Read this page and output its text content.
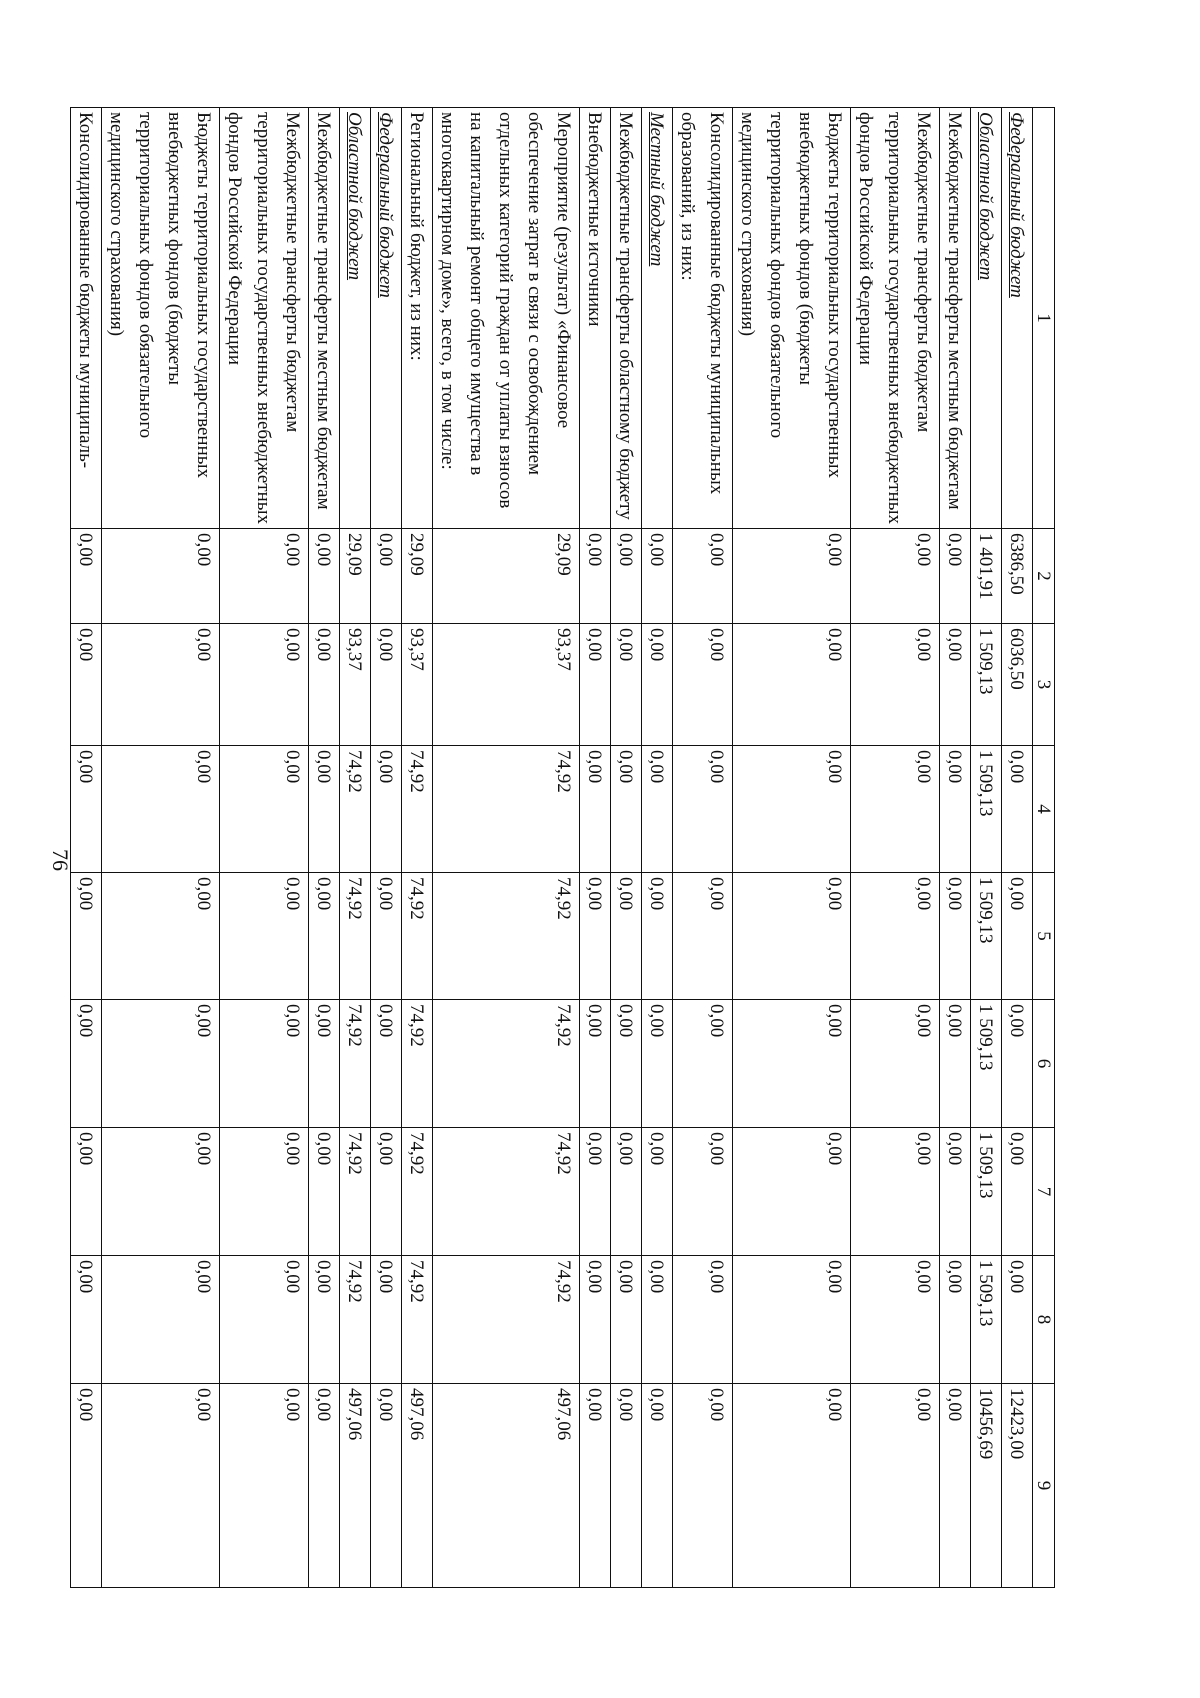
76
1	2	3	4	5	6	7	8	9
Федеральный бюджет	6386,50	6036,50	0,00	0,00	0,00	0,00	0,00	12423,00
Областной бюджет	1 401,91	1 509,13	1 509,13	1 509,13	1 509,13	1 509,13	1 509,13	10456,69
Межбюджетные трансферты местным бюджетам	0,00	0,00	0,00	0,00	0,00	0,00	0,00	0,00
Межбюджетные трансферты бюджетам территориальных государственных внебюджетных фондов Российской Федерации	0,00	0,00	0,00	0,00	0,00	0,00	0,00	0,00
Бюджеты территориальных государственных внебюджетных фондов (бюджеты территориальных фондов обязательного медицинского страхования)	0,00	0,00	0,00	0,00	0,00	0,00	0,00	0,00
Консолидированные бюджеты муниципальных образований, из них:	0,00	0,00	0,00	0,00	0,00	0,00	0,00	0,00
Местный бюджет	0,00	0,00	0,00	0,00	0,00	0,00	0,00	0,00
Межбюджетные трансферты областному бюджету	0,00	0,00	0,00	0,00	0,00	0,00	0,00	0,00
Внебюджетные источники	0,00	0,00	0,00	0,00	0,00	0,00	0,00	0,00
Мероприятие (результат) «Финансовое обеспечение затрат в связи с освобождением отдельных категорий граждан от уплаты взносов на капитальный ремонт общего имущества в многоквартирном доме», всего, в том числе:	29,09	93,37	74,92	74,92	74,92	74,92	74,92	497,06
Региональный бюджет, из них:	29,09	93,37	74,92	74,92	74,92	74,92	74,92	497,06
Федеральный бюджет	0,00	0,00	0,00	0,00	0,00	0,00	0,00	0,00
Областной бюджет	29,09	93,37	74,92	74,92	74,92	74,92	74,92	497,06
Межбюджетные трансферты местным бюджетам	0,00	0,00	0,00	0,00	0,00	0,00	0,00	0,00
Межбюджетные трансферты бюджетам территориальных государственных внебюджетных фондов Российской Федерации	0,00	0,00	0,00	0,00	0,00	0,00	0,00	0,00
Бюджеты территориальных государственных внебюджетных фондов (бюджеты территориальных фондов обязательного медицинского страхования)	0,00	0,00	0,00	0,00	0,00	0,00	0,00	0,00
Консолидированные бюджеты муниципаль-	0,00	0,00	0,00	0,00	0,00	0,00	0,00	0,00
